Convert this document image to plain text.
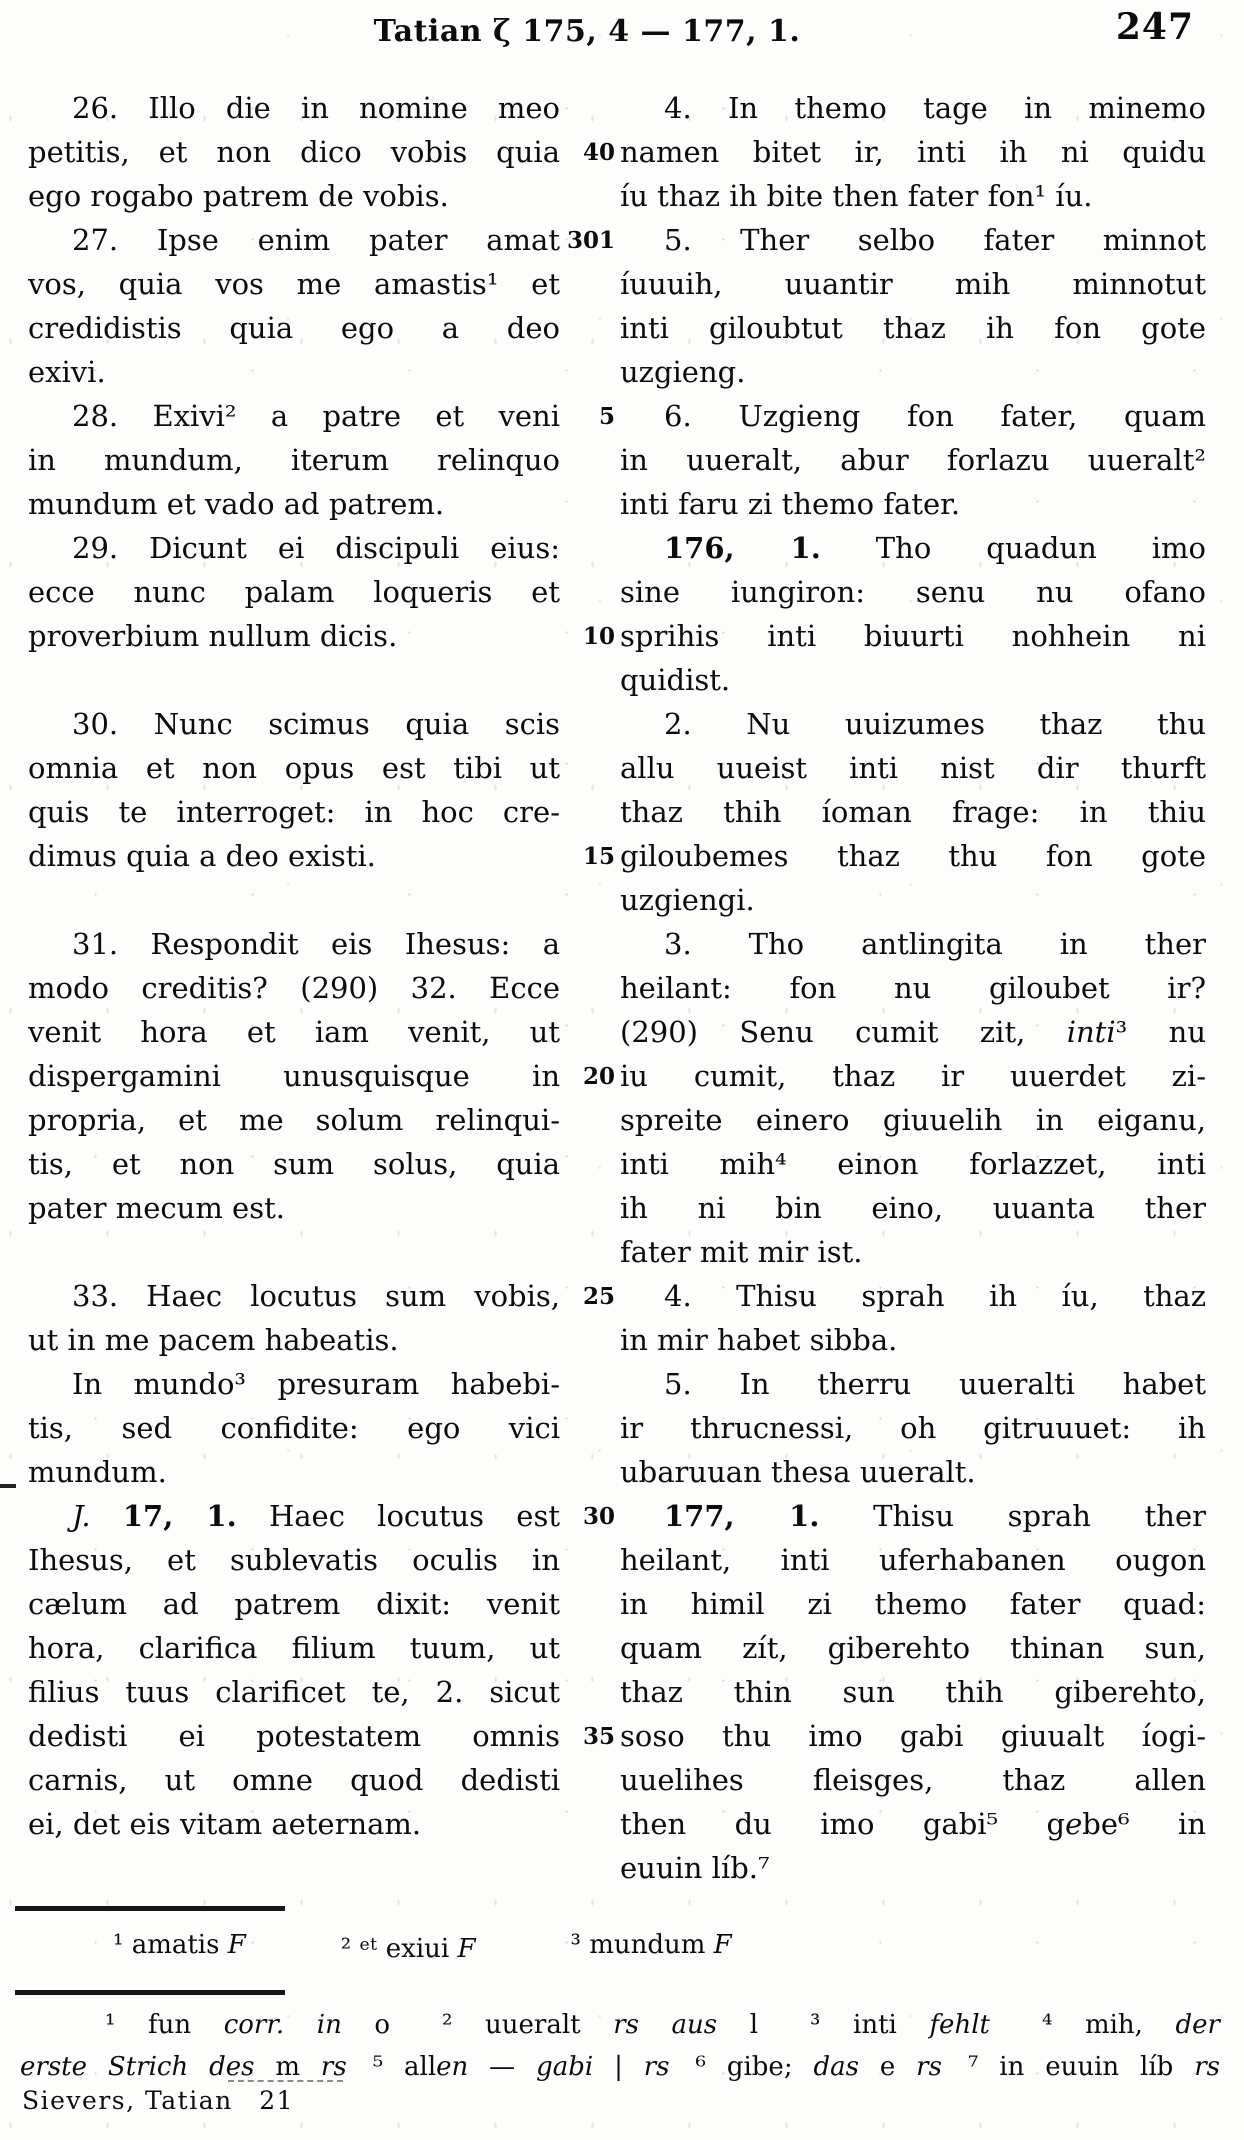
Tatian ζ 175, 4 — 177, 1.	247
26. Illo die in nomine meo	4. In themo tage in minemo
petitis, et non dico vobis quia 40 namen bitet ir, inti ih ni quidu
ego rogabo patrem de vobis.	íu thaz ih bite then fater fon¹ íu.
27. Ipse enim pater amat 301	5. Ther selbo fater minnot
vos, quia vos me amastis¹ et íuuuih, uuantir mih minnotut
credidistis quia ego a deo inti giloubtut thaz ih fon gote
exivi.	uzgieng.
28. Exivi² a patre et veni	5	6. Uzgieng fon fater, quam
in mundum, iterum relinquo in uueralt, abur forlazu uueralt²
mundum et vado ad patrem.	inti faru zi themo fater.
29. Dicunt ei discipuli eius:	176, 1. Tho quadun imo
ecce nunc palam loqueris et sine iungiron: senu nu ofano
proverbium nullum dicis.	10 sprihis inti biuurti nohhein ni
quidist.
30. Nunc scimus quia scis	2. Nu uuizumes thaz thu
omnia et non opus est tibi ut allu uueist inti nist dir thurft
quis te interroget: in hoc cre- thaz thih íoman frage: in thiu
dimus quia a deo existi.	15 giloubemes thaz thu fon gote
uzgiengi.
31. Respondit eis Ihesus: a	3. Tho antlingita in ther
modo creditis? (290) 32. Ecce heilant: fon nu giloubet ir?
venit hora et iam venit, ut (290) Senu cumit zit, inti³ nu
dispergamini unusquisque in 20 iu cumit, thaz ir uuerdet zi-
propria, et me solum relinqui- spreite einero giuuelih in eiganu,
tis, et non sum solus, quia inti mih⁴ einon forlazzet, inti
pater mecum est.	ih ni bin eino, uuanta ther
fater mit mir ist.
33. Haec locutus sum vobis, 25	4. Thisu sprah ih íu, thaz
ut in me pacem habeatis.	in mir habet sibba.
In mundo³ presuram habebi-	5. In therru uueralti habet
tis, sed confidite: ego vici ir thrucnessi, oh gitruuuet: ih
mundum.	ubaruuan thesa uueralt.
J. 17, 1. Haec locutus est 30	177, 1. Thisu sprah ther
Ihesus, et sublevatis oculis in heilant, inti uferhabanen ougon
cælum ad patrem dixit: venit in himil zi themo fater quad:
hora, clarifica filium tuum, ut quam zít, giberehto thinan sun,
filius tuus clarificet te, 2. sicut thaz thin sun thih giberehto,
dedisti ei potestatem omnis 35 soso thu imo gabi giuualt íogi-
carnis, ut omne quod dedisti uuelihes fleisges, thaz allen
ei, det eis vitam aeternam.	then du imo gabi⁵ gebe⁶ in
euuin líb.⁷
¹ amatis F	² $^{et}$ exiui F	³ mundum F
¹ fun corr. in o  ² uueralt rs aus l  ³ inti fehlt  ⁴ mih, der
erste Strich des m rs ⁵ allen — gabi | rs ⁶ gibe; das e rs ⁷ in euuin líb rs
Sievers, Tatian 21
